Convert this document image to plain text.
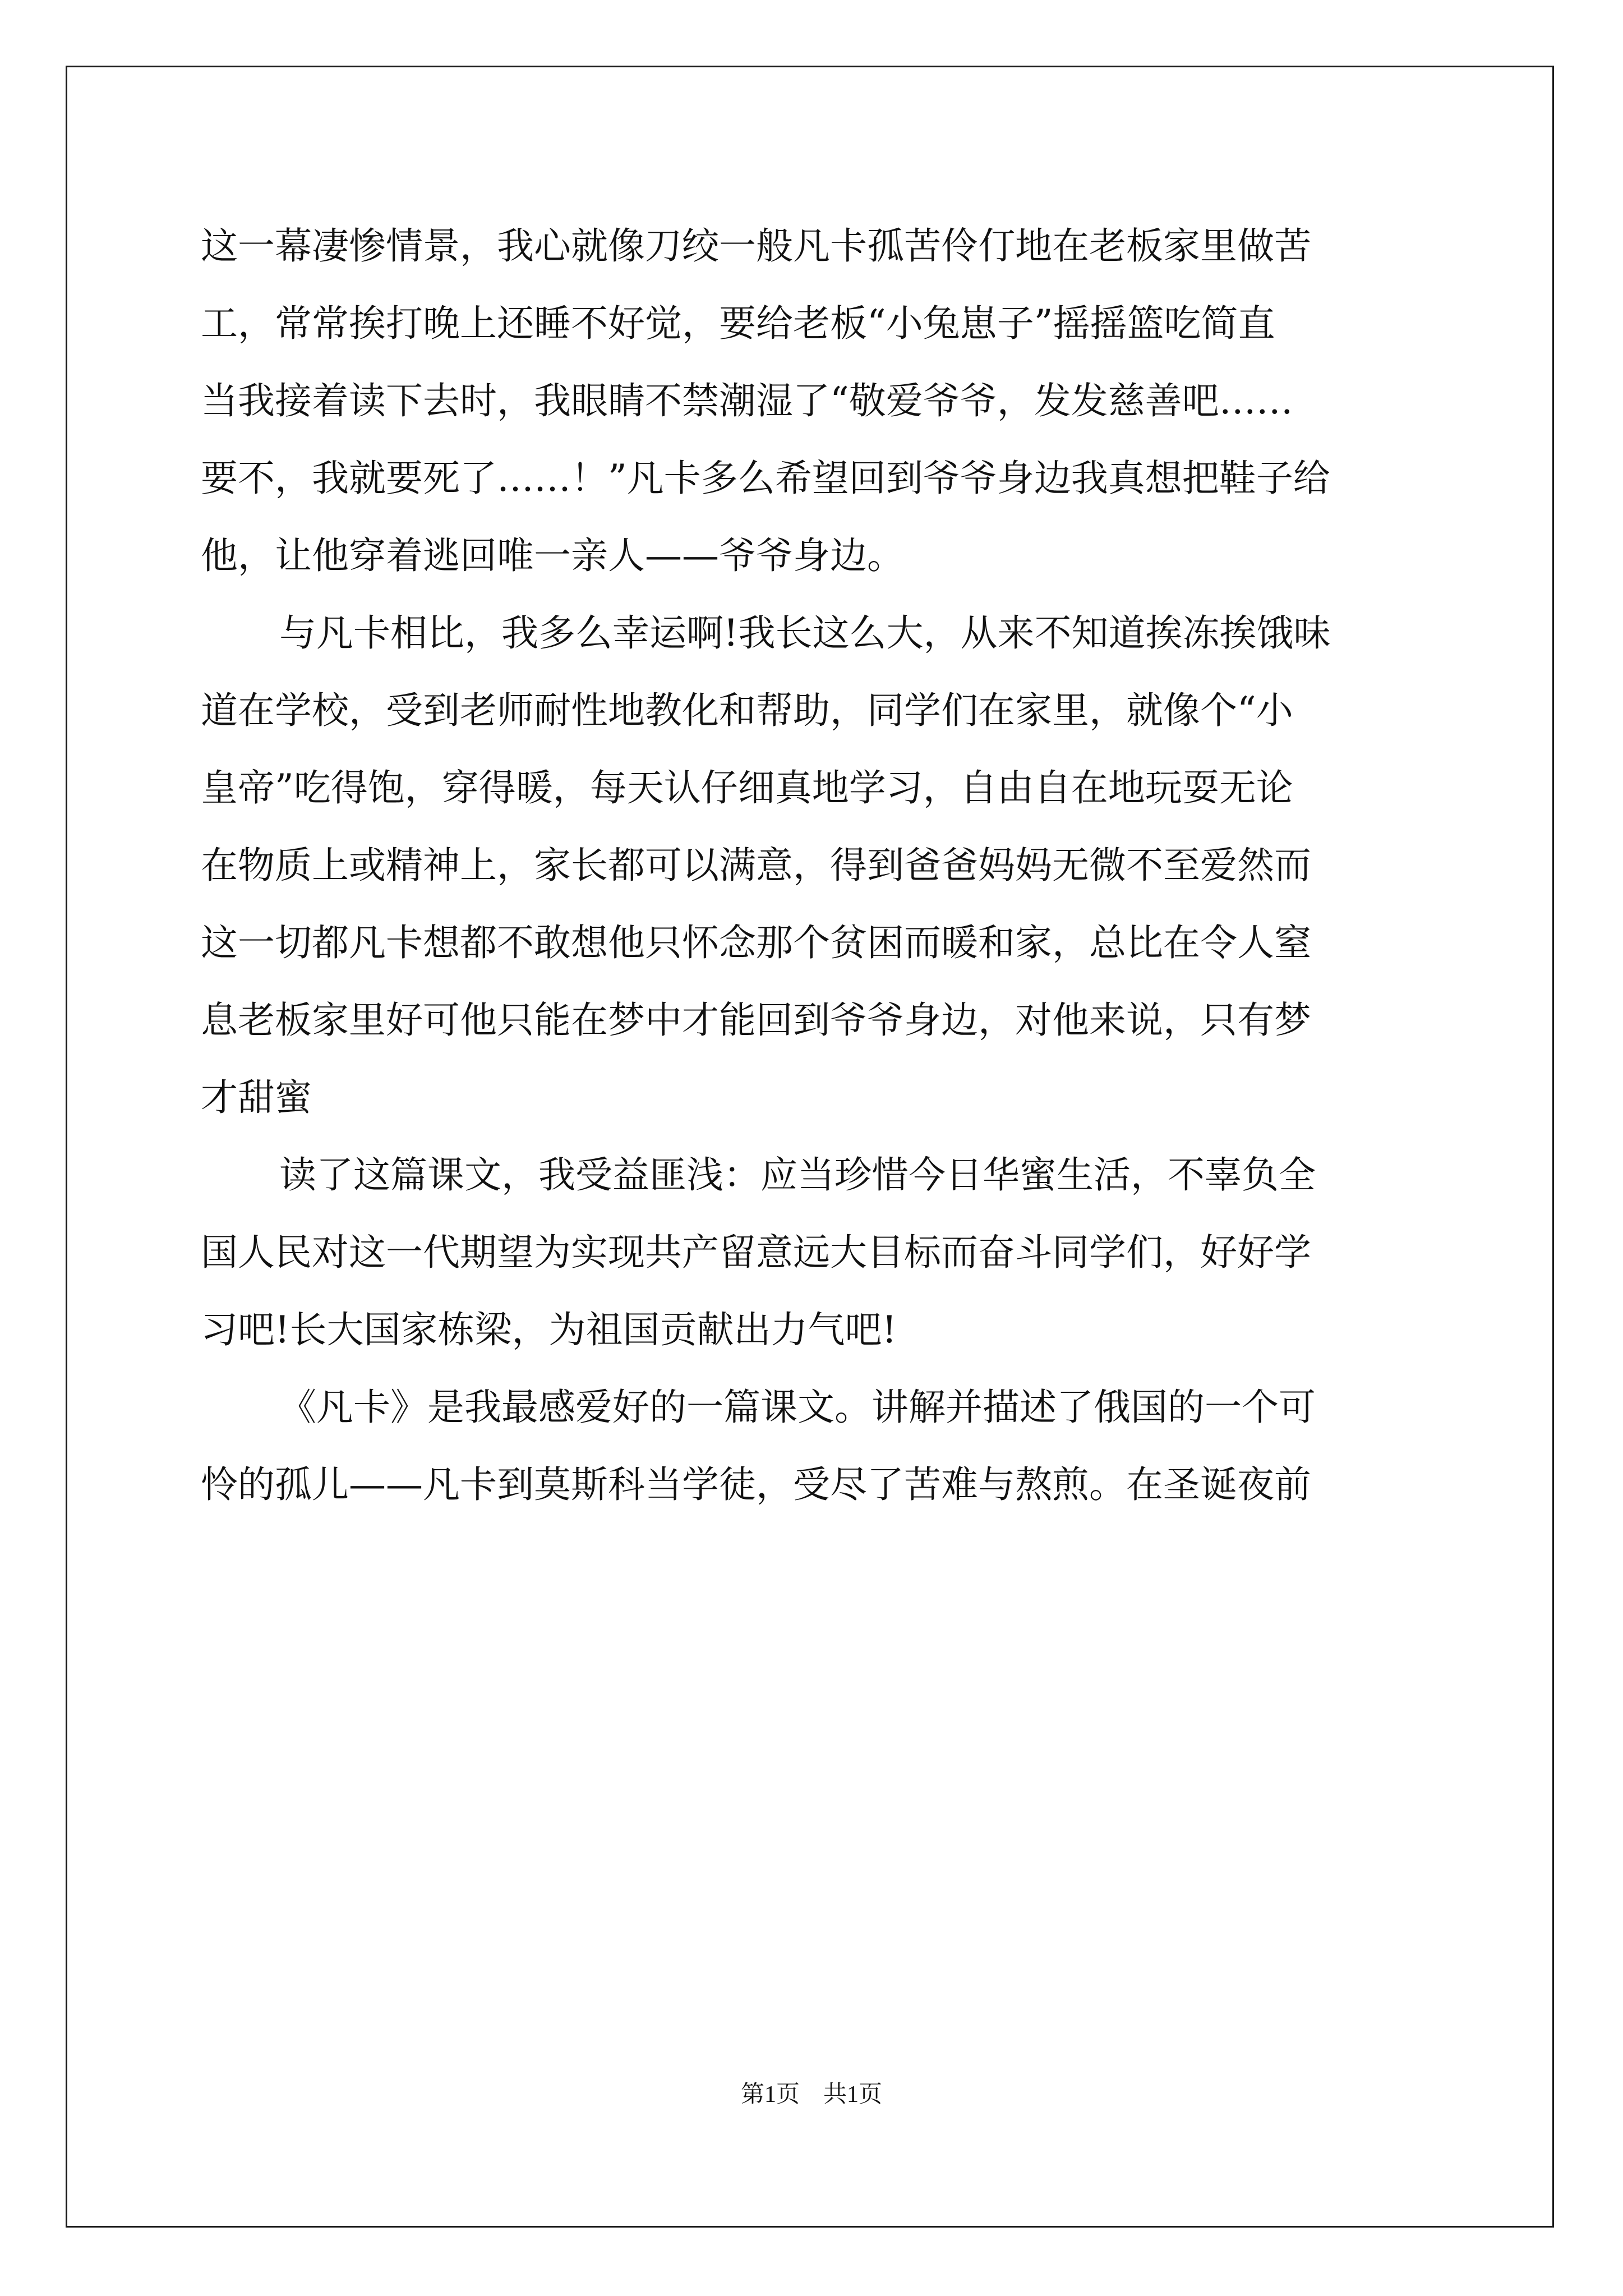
这一幕凄惨情景，我心就像刀绞一般凡卡孤苦伶仃地在老板家里做苦
工，常常挨打晚上还睡不好觉，要给老板“小兔崽子”摇摇篮吃简直
当我接着读下去时，我眼睛不禁潮湿了“敬爱爷爷，发发慈善吧……
要不，我就要死了……！”凡卡多么希望回到爷爷身边我真想把鞋子给
他，让他穿着逃回唯一亲人——爷爷身边。
与凡卡相比，我多么幸运啊!我长这么大，从来不知道挨冻挨饿味
道在学校，受到老师耐性地教化和帮助，同学们在家里，就像个“小
皇帝”吃得饱，穿得暖，每天认仔细真地学习，自由自在地玩耍无论
在物质上或精神上，家长都可以满意，得到爸爸妈妈无微不至爱然而
这一切都凡卡想都不敢想他只怀念那个贫困而暖和家，总比在令人窒
息老板家里好可他只能在梦中才能回到爷爷身边，对他来说，只有梦
才甜蜜
读了这篇课文，我受益匪浅：应当珍惜今日华蜜生活，不辜负全
国人民对这一代期望为实现共产留意远大目标而奋斗同学们，好好学
习吧!长大国家栋梁，为祖国贡献出力气吧!
《凡卡》是我最感爱好的一篇课文。讲解并描述了俄国的一个可
怜的孤儿——凡卡到莫斯科当学徒，受尽了苦难与熬煎。在圣诞夜前
第1页 共1页
